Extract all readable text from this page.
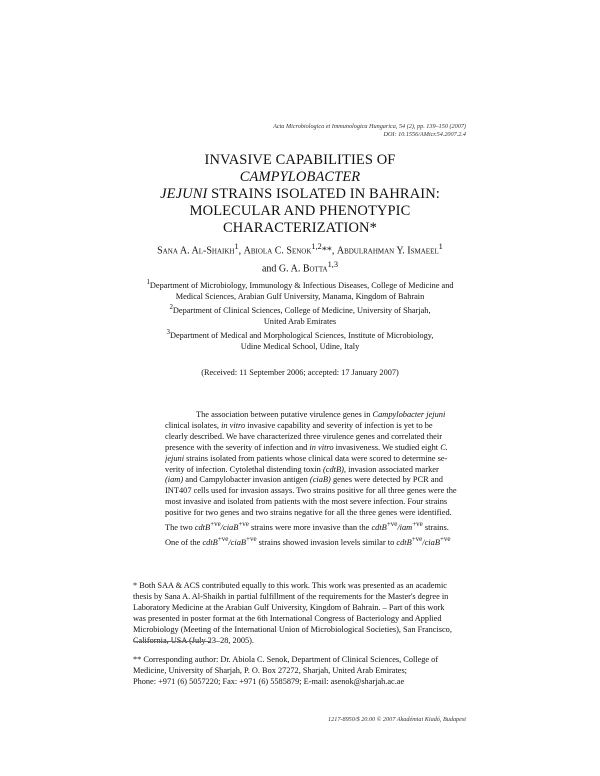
Acta Microbiologica et Immunologica Hungarica, 54 (2), pp. 139–150 (2007)
DOI: 10.1556/AMicr.54.2007.2.4
INVASIVE CAPABILITIES OF CAMPYLOBACTER
JEJUNI STRAINS ISOLATED IN BAHRAIN:
MOLECULAR AND PHENOTYPIC
CHARACTERIZATION*
Sana A. Al-Shaikh$^1$, Abiola C. Senok$^{1,2}$**, Abdulrahman Y. Ismaeel$^1$
and G. A. Botta$^{1,3}$
$^1$Department of Microbiology, Immunology & Infectious Diseases, College of Medicine and
Medical Sciences, Arabian Gulf University, Manama, Kingdom of Bahrain
$^2$Department of Clinical Sciences, College of Medicine, University of Sharjah,
United Arab Emirates
$^3$Department of Medical and Morphological Sciences, Institute of Microbiology,
Udine Medical School, Udine, Italy
(Received: 11 September 2006; accepted: 17 January 2007)
The association between putative virulence genes in Campylobacter jejuni
clinical isolates, in vitro invasive capability and severity of infection is yet to be
clearly described. We have characterized three virulence genes and correlated their
presence with the severity of infection and in vitro invasiveness. We studied eight C.
jejuni strains isolated from patients whose clinical data were scored to determine se-
verity of infection. Cytolethal distending toxin (cdtB), invasion associated marker
(iam) and Campylobacter invasion antigen (ciaB) genes were detected by PCR and
INT407 cells used for invasion assays. Two strains positive for all three genes were the
most invasive and isolated from patients with the most severe infection. Four strains
positive for two genes and two strains negative for all the three genes were identified.
The two cdtB$^{+ve}$/ciaB$^{+ve}$ strains were more invasive than the cdtB$^{+ve}$/iam$^{+ve}$ strains.
One of the cdtB$^{+ve}$/ciaB$^{+ve}$ strains showed invasion levels similar to cdtB$^{+ve}$/ciaB$^{+ve}$
* Both SAA & ACS contributed equally to this work. This work was presented as an academic
thesis by Sana A. Al-Shaikh in partial fulfillment of the requirements for the Master's degree in
Laboratory Medicine at the Arabian Gulf University, Kingdom of Bahrain. – Part of this work
was presented in poster format at the 6th International Congress of Bacteriology and Applied
Microbiology (Meeting of the International Union of Microbiological Societies), San Francisco,
California, USA (July 23–28, 2005).
** Corresponding author: Dr. Abiola C. Senok, Department of Clinical Sciences, College of
Medicine, University of Sharjah, P. O. Box 27272, Sharjah, United Arab Emirates;
Phone: +971 (6) 5057220; Fax: +971 (6) 5585879; E-mail: asenok@sharjah.ac.ae
1217-8950/$ 20.00 © 2007 Akadémiai Kiadó, Budapest
